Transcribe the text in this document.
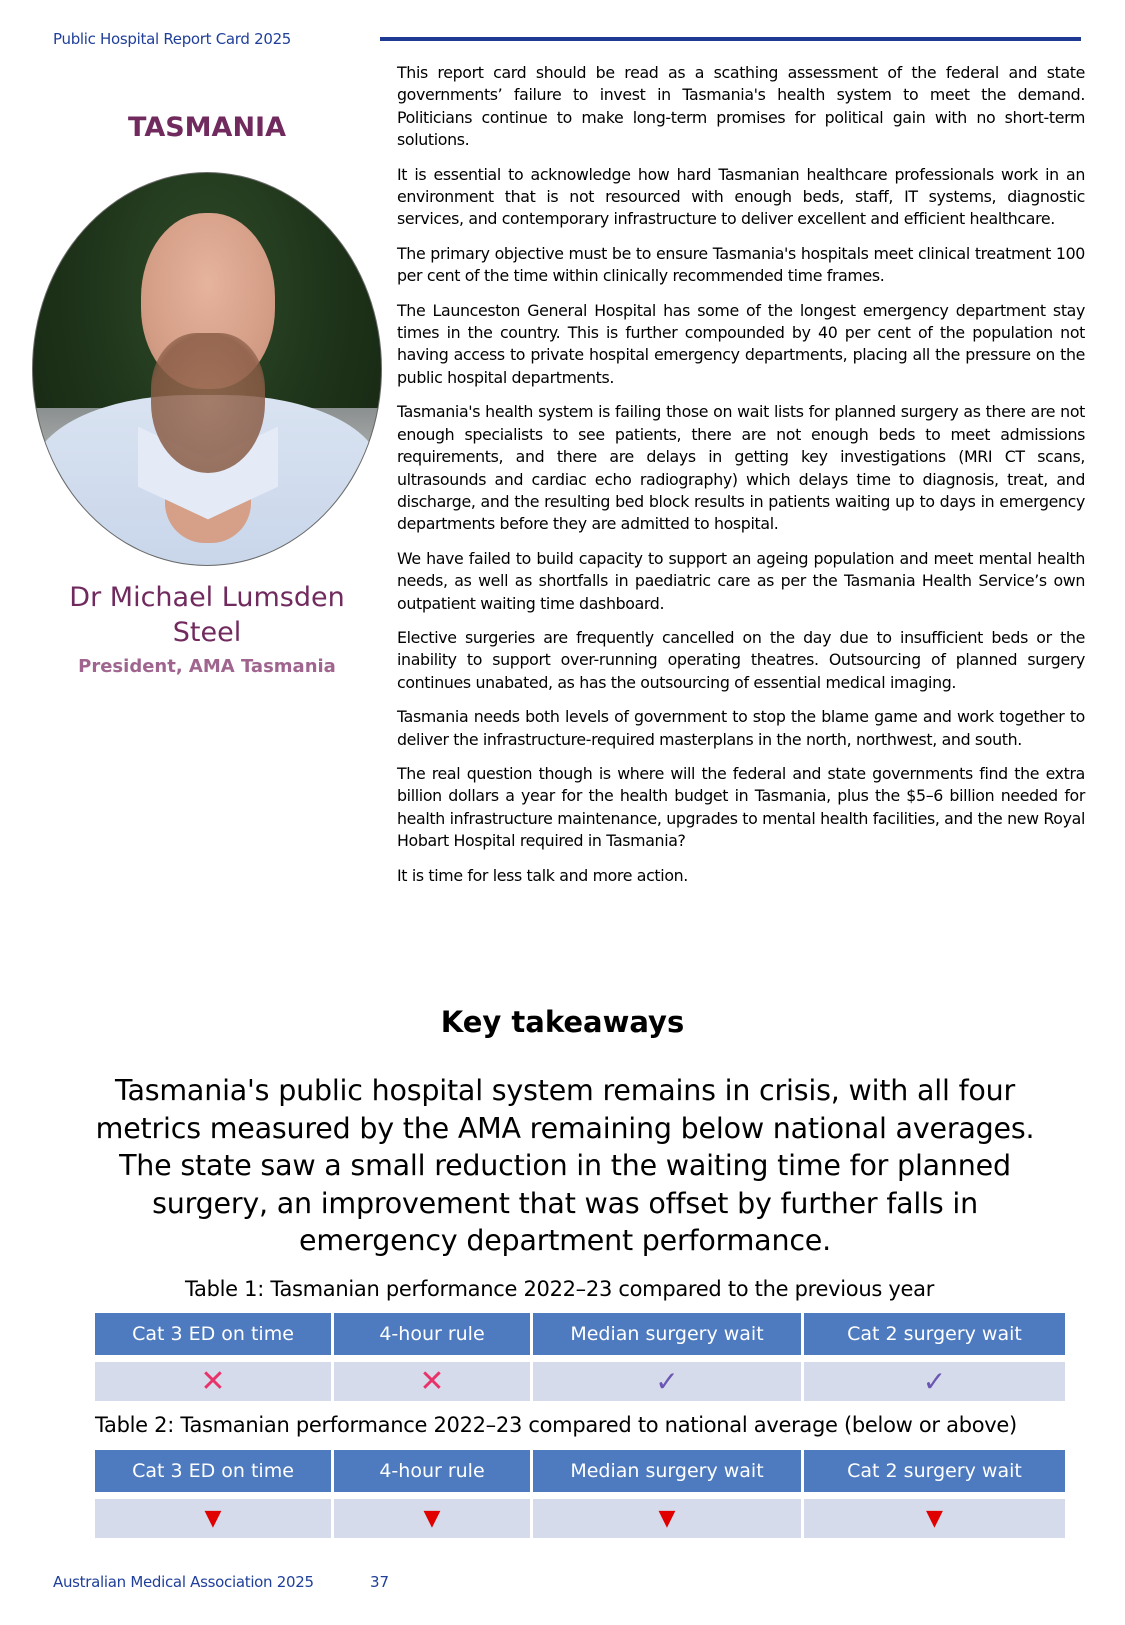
Public Hospital Report Card 2025
TASMANIA
Dr Michael Lumsden Steel
President, AMA Tasmania

This report card should be read as a scathing assessment of the federal and state governments’ failure to invest in Tasmania's health system to meet the demand. Politicians continue to make long-term promises for political gain with no short-term solutions.

It is essential to acknowledge how hard Tasmanian healthcare professionals work in an environment that is not resourced with enough beds, staff, IT systems, diagnostic services, and contemporary infrastructure to deliver excellent and efficient healthcare.

The primary objective must be to ensure Tasmania's hospitals meet clinical treatment 100 per cent of the time within clinically recommended time frames.

The Launceston General Hospital has some of the longest emergency department stay times in the country. This is further compounded by 40 per cent of the population not having access to private hospital emergency departments, placing all the pressure on the public hospital departments.

Tasmania's health system is failing those on wait lists for planned surgery as there are not enough specialists to see patients, there are not enough beds to meet admissions requirements, and there are delays in getting key investigations (MRI CT scans, ultrasounds and cardiac echo radiography) which delays time to diagnosis, treat, and discharge, and the resulting bed block results in patients waiting up to days in emergency departments before they are admitted to hospital.

We have failed to build capacity to support an ageing population and meet mental health needs, as well as shortfalls in paediatric care as per the Tasmania Health Service’s own outpatient waiting time dashboard.

Elective surgeries are frequently cancelled on the day due to insufficient beds or the inability to support over-running operating theatres. Outsourcing of planned surgery continues unabated, as has the outsourcing of essential medical imaging.

Tasmania needs both levels of government to stop the blame game and work together to deliver the infrastructure-required masterplans in the north, northwest, and south.

The real question though is where will the federal and state governments find the extra billion dollars a year for the health budget in Tasmania, plus the $5–6 billion needed for health infrastructure maintenance, upgrades to mental health facilities, and the new Royal Hobart Hospital required in Tasmania?

It is time for less talk and more action.

Key takeaways
Tasmania's public hospital system remains in crisis, with all four metrics measured by the AMA remaining below national averages. The state saw a small reduction in the waiting time for planned surgery, an improvement that was offset by further falls in emergency department performance.
Table 1: Tasmanian performance 2022–23 compared to the previous year
Cat 3 ED on time	4-hour rule	Median surgery wait	Cat 2 surgery wait
✕	✕	✓	✓
Table 2: Tasmanian performance 2022–23 compared to national average (below or above)
Cat 3 ED on time	4-hour rule	Median surgery wait	Cat 2 surgery wait
▼	▼	▼	▼
Australian Medical Association 2025	37
